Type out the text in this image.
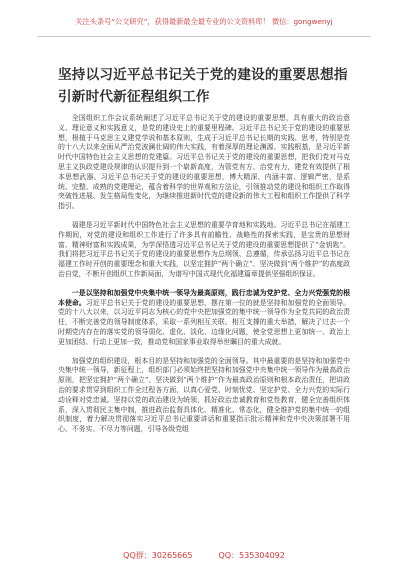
关注头条号“公文研究”，获得最新最全最专业的公文资料库！ 微信：gongwenyj
坚持以习近平总书记关于党的建设的重要思想指引新时代新征程组织工作

全国组织工作会议系统阐述了习近平总书记关于党的建设的重要思想，具有重大的政治意义、理论意义和实践意义，是党的建设史上的重要里程碑。习近平总书记关于党的建设的重要思想，根植于马克思主义建党学说和基本原则，生成于习近平总书记长期的实践、思考，特别是党的十八大以来全面从严治党波澜壮阔的伟大实践，有着深厚的理论渊源、实践根基，是习近平新时代中国特色社会主义思想的党建篇。习近平总书记关于党的建设的重要思想，把我们党对马克思主义执政党建设规律的认识提升到一个崭新高度，为管党有方、治党有力，建党有效提供了根本思想武器。习近平总书记关于党的建设的重要思想，博大精深、内涵丰富、逻辑严密，是系统、完整、成熟的党建理论，蕴含着科学的世界观和方法论，引领推动党的建设和组织工作取得突破性进展、发生格局性变化，为继续推进新时代党的建设新的伟大工程和组织工作提供了科学指引。

福建是习近平新时代中国特色社会主义思想的重要孕育地和实践地。习近平总书记在福建工作期间，对党的建设和组织工作进行了许多具有前瞻性、战略性的探索实践，是宝贵的思想财富、精神财富和实践成果，为学深悟透习近平总书记关于党的建设的重要思想提供了“金钥匙”。我们将把习近平总书记关于党的建设的重要思想作为总纲领、总遵循，传承弘扬习近平总书记在福建工作时开创的重要理念和重大实践，以坚定拥护“两个确立”、坚决做到“两个维护”的高度政治自觉，不断开创组织工作新局面，为谱写中国式现代化福建篇章提供坚强组织保证。

一是以坚持和加强党中央集中统一领导为最高原则，践行忠诚为党护党、全力兴党强党的根本使命。习近平总书记关于党的建设的重要思想，摆在第一位的就是坚持和加强党的全面领导。党的十八大以来，以习近平同志为核心的党中央把加强党的集中统一领导作为全党共同的政治责任，不断完善党的领导制度体系，采取一系列相互关联、相互支撑的重大举措，解决了过去一个时期党内存在的落实党的领导弱化、虚化、淡化、边缘化问题，使全党思想上更加统一、政治上更加团结、行动上更加一致，推动党和国家事业取得举世瞩目的重大成就。

加强党的组织建设，根本目的是坚持和加强党的全面领导。其中最重要的是坚持和加强党中央集中统一领导，新征程上，组织部门必须始终把坚持和加强党中央集中统一领导作为最高政治原则，把坚定拥护“两个确立”、坚决做到“两个维护”作为最高政治原则和根本政治责任，把讲政治的要求贯穿到组织工作全过程各方面，以真心爱党、时刻忧党、坚定护党、全力兴党的实际行动诠释对党忠诚。坚持以党的政治建设为统领，抓好政治忠诚教育和党性教育，健全完善组织体系，深入贯彻民主集中制，推进政治监督具体化、精准化、常态化，健全维护党的集中统一的组织制度，着力解决贯彻落实习近平总书记重要讲话和重要指示批示精神和党中央决策部署不用心、不务实、不尽力等问题，引导各级党组

QQ群：30265665	QQ：535304092
